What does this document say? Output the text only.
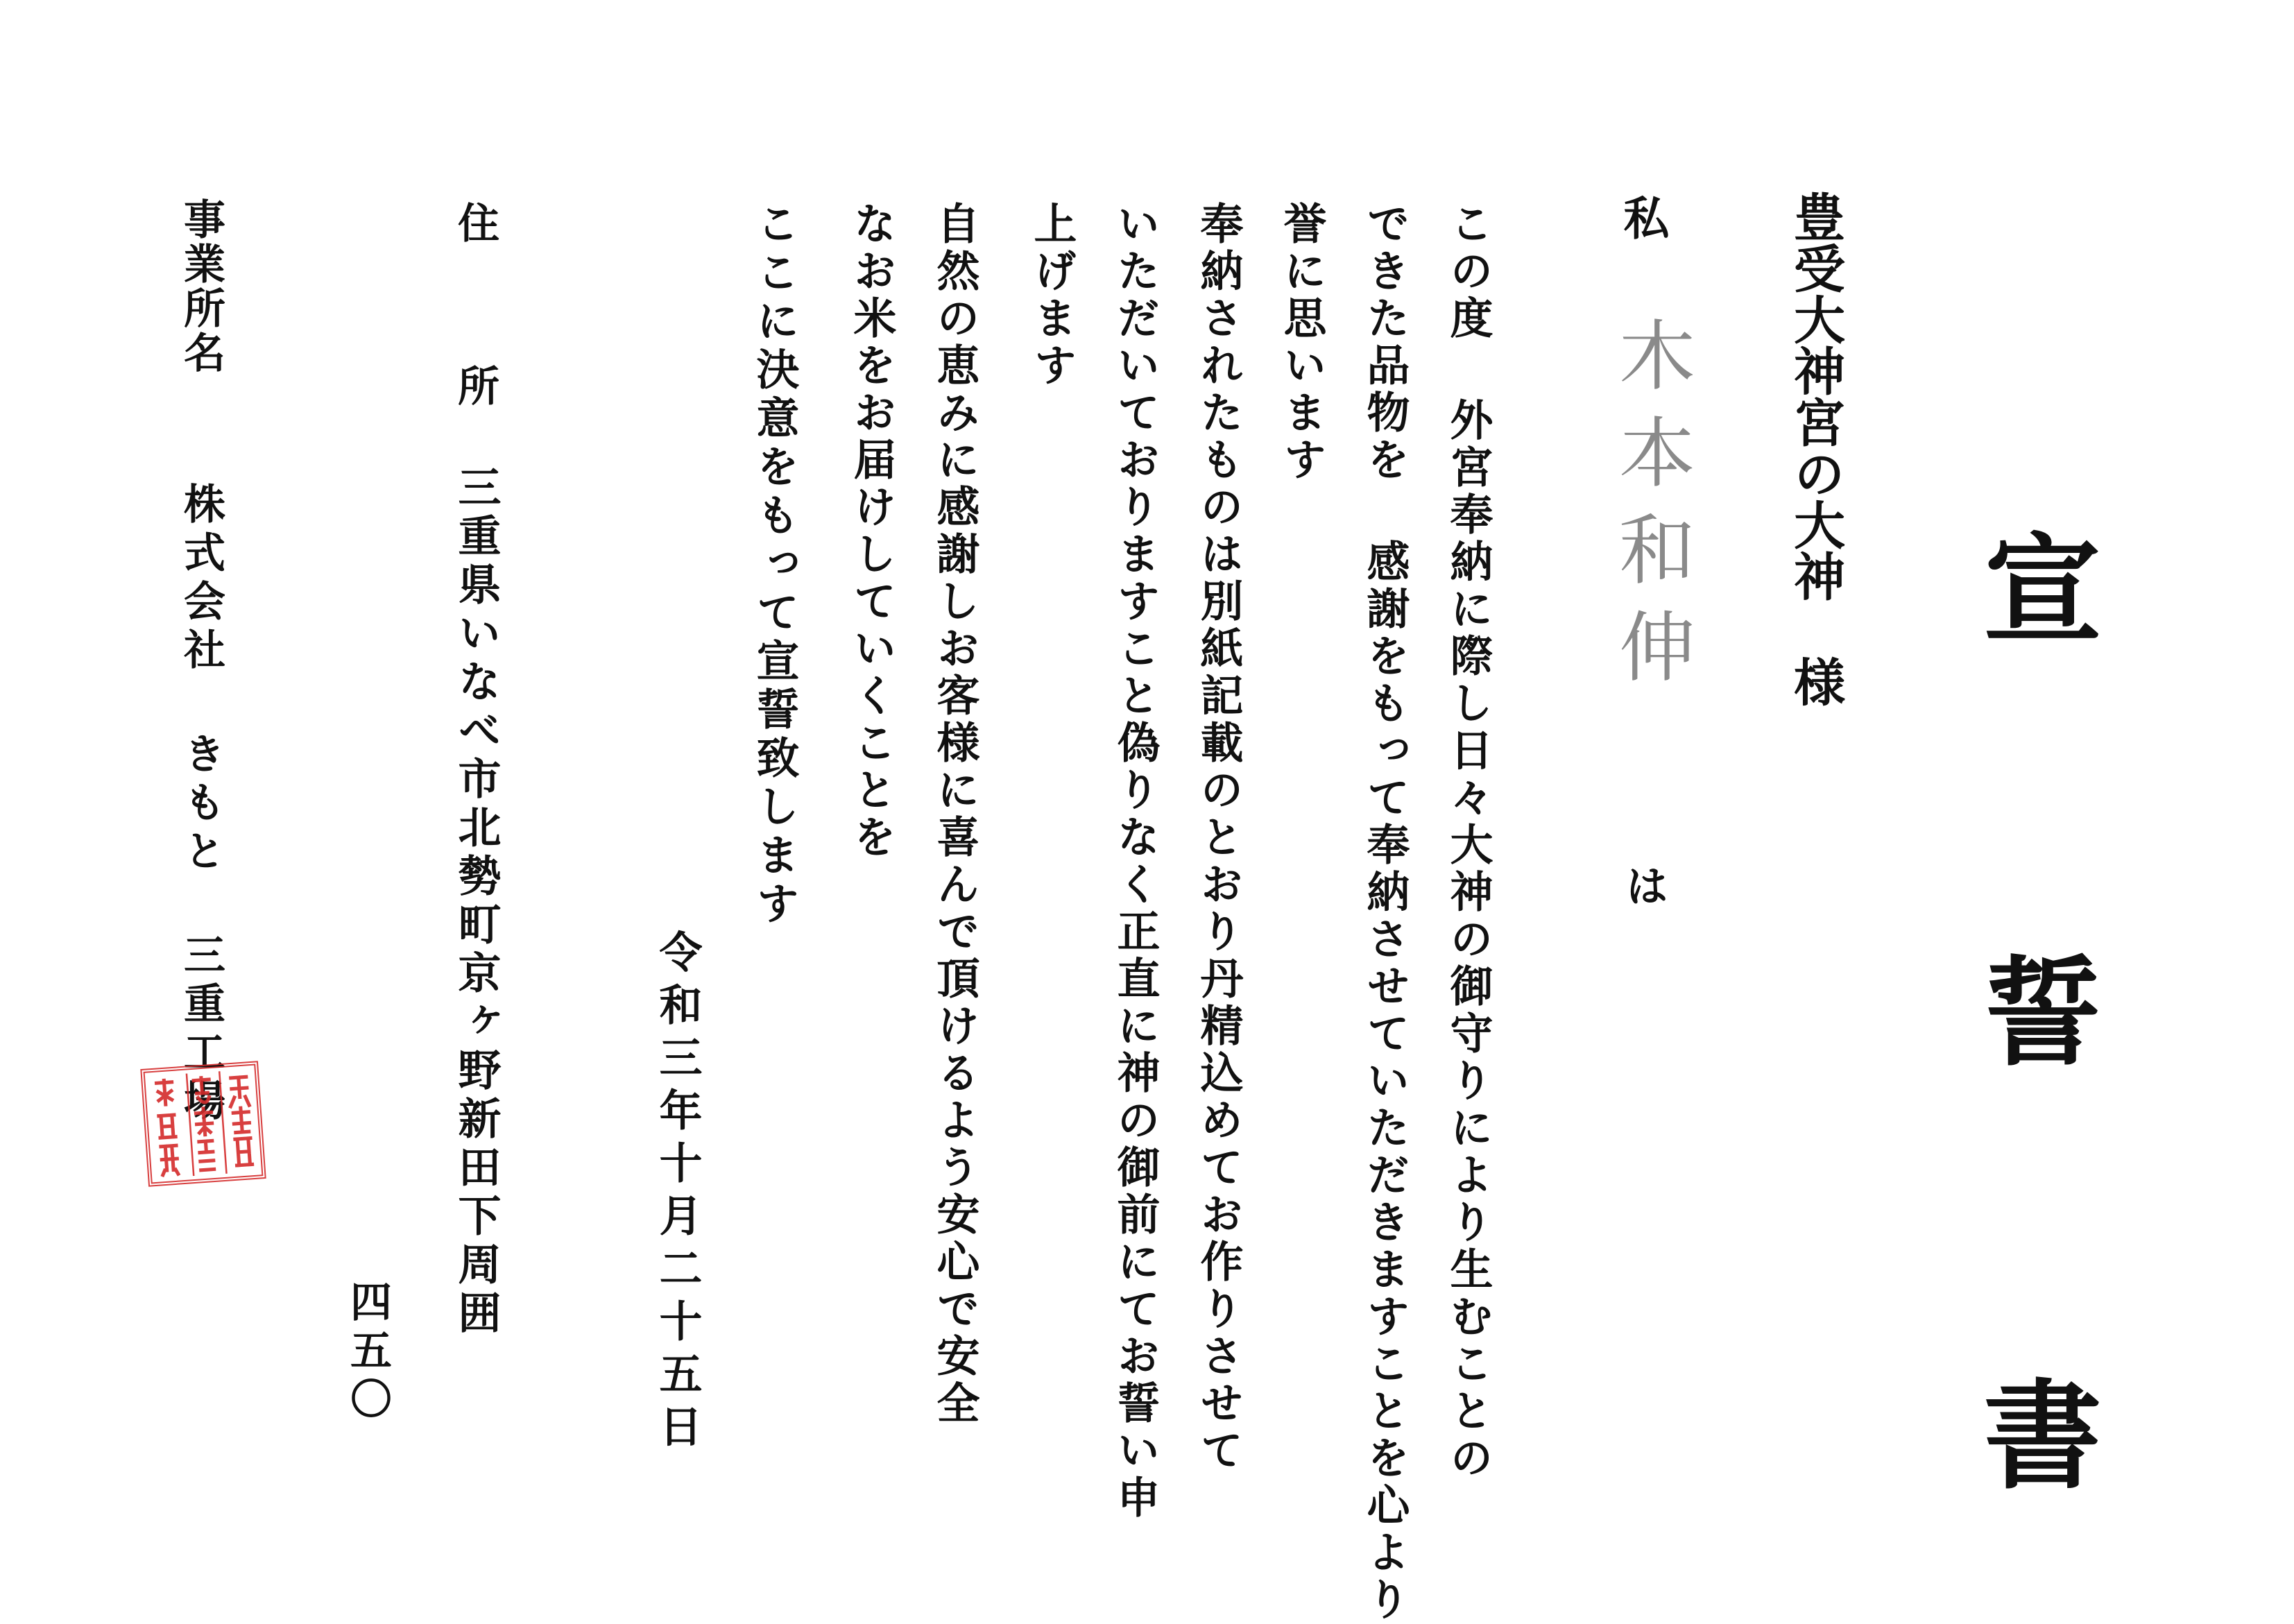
宣 誓 書
豊受大神宮の大神様
私
木本和伸
は
この度 外宮奉納に際し日々大神の御守りにより生むことの
できた品物を 感謝をもって奉納させていただきますことを心より
誉に思います
奉納されたものは別紙記載のとおり丹精込めてお作りさせて
いただいておりますこと偽りなく正直に神の御前にてお誓い申
上げます
自然の恵みに感謝しお客様に喜んで頂けるよう安心で安全
なお米をお届けしていくことを
ここに決意をもって宣誓致します
令和三年十月二十五日
住
所
三重県いなべ市北勢町京ヶ野新田下周囲
四五〇
事業所名
株式会社 きもと 三重工場
